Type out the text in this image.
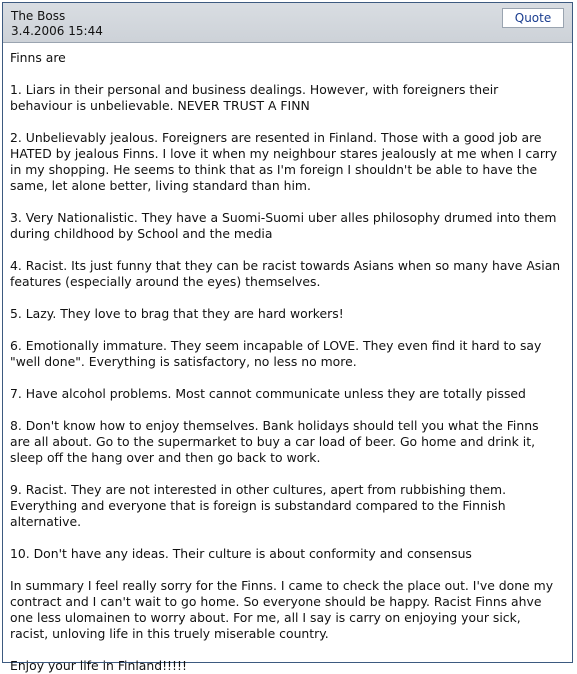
The Boss
3.4.2006 15:44
Quote

Finns are

1. Liars in their personal and business dealings. However, with foreigners their behaviour is unbelievable. NEVER TRUST A FINN

2. Unbelievably jealous. Foreigners are resented in Finland. Those with a good job are HATED by jealous Finns. I love it when my neighbour stares jealously at me when I carry in my shopping. He seems to think that as I'm foreign I shouldn't be able to have the same, let alone better, living standard than him.

3. Very Nationalistic. They have a Suomi-Suomi uber alles philosophy drumed into them during childhood by School and the media

4. Racist. Its just funny that they can be racist towards Asians when so many have Asian features (especially around the eyes) themselves.

5. Lazy. They love to brag that they are hard workers!

6. Emotionally immature. They seem incapable of LOVE. They even find it hard to say "well done". Everything is satisfactory, no less no more.

7. Have alcohol problems. Most cannot communicate unless they are totally pissed

8. Don't know how to enjoy themselves. Bank holidays should tell you what the Finns are all about. Go to the supermarket to buy a car load of beer. Go home and drink it, sleep off the hang over and then go back to work.

9. Racist. They are not interested in other cultures, apert from rubbishing them. Everything and everyone that is foreign is substandard compared to the Finnish alternative.

10. Don't have any ideas. Their culture is about conformity and consensus

In summary I feel really sorry for the Finns. I came to check the place out. I've done my contract and I can't wait to go home. So everyone should be happy. Racist Finns ahve one less ulomainen to worry about. For me, all I say is carry on enjoying your sick, racist, unloving life in this truely miserable country.

Enjoy your life in Finland!!!!!
